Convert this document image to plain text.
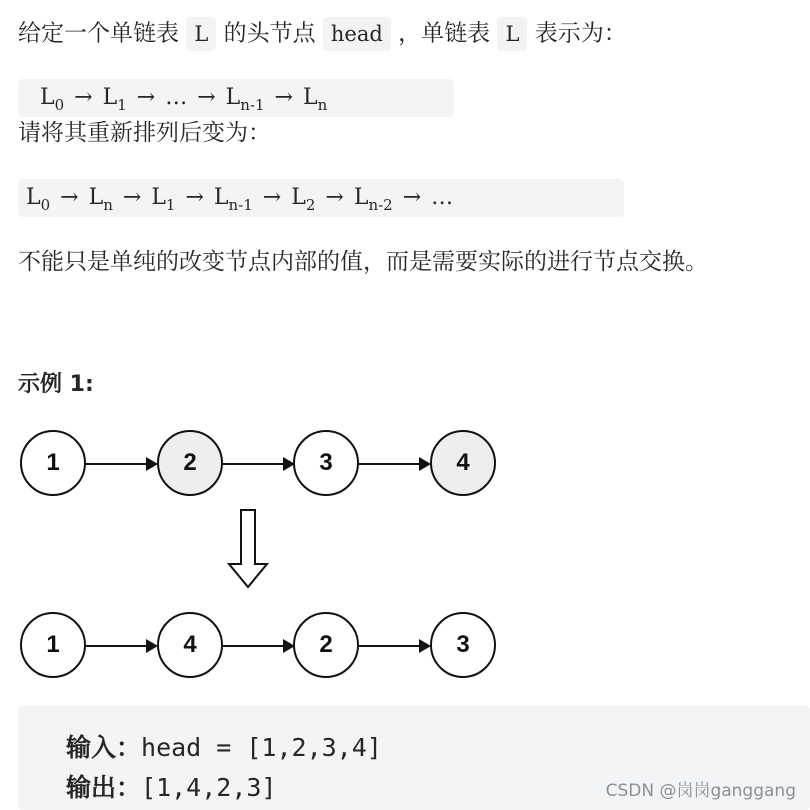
给定一个单链表 L 的头节点 head ，单链表 L 表示为：
$L_0 \to L_1$ → … → $L_{n-1} \to L_n$
请将其重新排列后变为：
$L_0 \to L_n \to L_1 \to L_{n-1} \to L_2 \to L_{n-2}$ → …
不能只是单纯的改变节点内部的值，而是需要实际的进行节点交换。
示例 1:
1	2	3	4
1	4	2	3
输入：head = [1,2,3,4]
输出：[1,4,2,3]	CSDN @岗岗ganggang
